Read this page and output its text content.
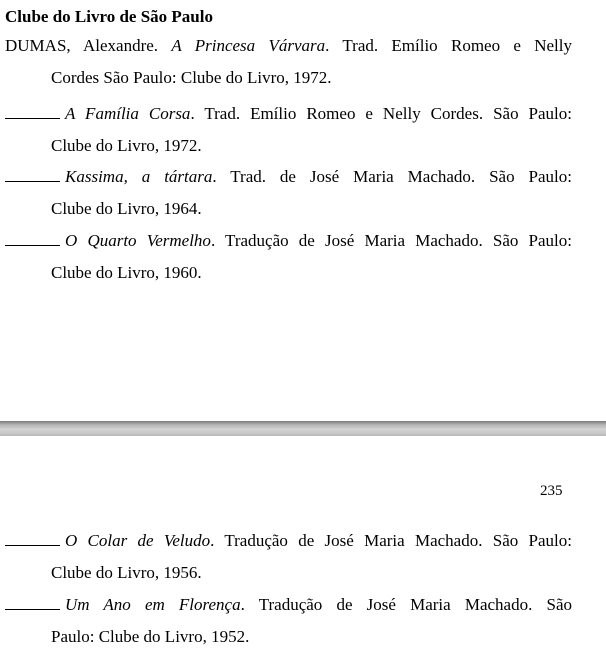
Clube do Livro de São Paulo
DUMAS, Alexandre. A Princesa Várvara. Trad. Emílio Romeo e Nelly
Cordes São Paulo: Clube do Livro, 1972.
A Família Corsa. Trad. Emílio Romeo e Nelly Cordes. São Paulo:
Clube do Livro, 1972.
Kassima, a tártara. Trad. de José Maria Machado. São Paulo:
Clube do Livro, 1964.
O Quarto Vermelho. Tradução de José Maria Machado. São Paulo:
Clube do Livro, 1960.
235
O Colar de Veludo. Tradução de José Maria Machado. São Paulo:
Clube do Livro, 1956.
Um Ano em Florença. Tradução de José Maria Machado. São
Paulo: Clube do Livro, 1952.
